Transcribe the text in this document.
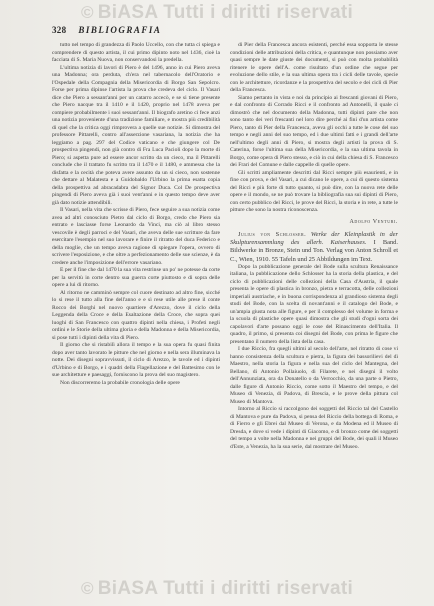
© BiASA Tutti i diritti riservati
328 BIBLIOGRAFIA

tutto nel tempo di grandezza di Paolo Uccello, con che tutta ci spiega e comprendere di questo artista, il cui primo dipinto noto nel 1436, cioè la facciata di S. Maria Nuova, non conservandosi la predella.

L'ultima notizia di lavori di Piero è del 1496, anno in cui Piero aveva una Madonna; ora perduta, ch'era nel tabernacolo dell'Oratorio e l'Ospedale della Compagnia della Misericordia di Borgo San Sepolcro. Forse per prima dipinse l'artista la prova che credeva del ciclo. Il Vasari dice che Piero a sessant'anni per un catarro accecò, e se si tiene presente che Piero nacque tra il 1410 e il 1420, proprio nel 1478 aveva per compiere probabilmente i suoi sessant'anni. Il biografo aretino ci fece anzi una notizia proveniente d'una tradizione familiare, e mostra più credibilità di quel che la critica oggi rimprovera a quelle sue notizie. Si dimostra del professore Pittarelli, contro all'asserzione vasariana, la notizia che ha leggiamo a pag. 297 del Codice vaticano e che giungere col De prospectiva pingendi, non già contro di Fra Luca Pacioli dopo la morte di Piero; si aspetta pure ad essere ancor scritto da un cieco, ma il Pittarelli conclude che il trattato fu scritto tra il 1470 e il 1480, e ammessa che la disfatta e la cecità che poteva avere assunto da un sì cieco, non sostenne che dettare al Malatesta e a Guidobaldo l'Urbino la prima esatta copia della prospettiva ad abracadabra del Signor Duca. Col De prospectiva pingendi di Piero aveva già i suoi vent'anni e in questo tempo deve aver già dato notizie attendibili.

Il Vasari, nella vita che scrisse di Piero, fece seguire a sua notizia come avea ad altri conosciuto Pietro dal ciclo di Borgo, credo che Piero sia entrato e lasciasse forse Leonardo da Vinci, ma ciò al libro stesso vescovile è degli parroci e del Vasari, che aveva delle sue scritture da fare esercitare l'esempio nel suo lavorare e finire il ritratto del duca Federico e della moglie, che un tempo aveva ragione di spiegare l'opera, ovvero di scrivere l'esposizione, e che oltre a perfezionamento delle sue scienze, è da credere anche l'imposizione dell'errore vasariano.

E per il fine che dal 1470 la sua vita restrinse un po' ne potesse da corte per la servitù in corte dentro sua guerra corte piuttosto e di sopra delle opere a lui di ritorno.

Al ritorno ne camminò sempre col cuore destinato ad altro fine, sicché lo si rese il tutto alla fine dell'anno e e sì rese utile alle prese il conte Rocco dei Borghi nel nuovo quartiere d'Arezzo, dove il ciclo della Leggenda della Croce e della Esaltazione della Croce, che sopra quei luoghi di San Francesco con quattro dipinti nella chiesa, i Profeti negli ordini e le Storie della ultima gloria e della Madonna e della Misericordia, si pose tutti i dipinti della vita di Piero.

Il giorno che si ristabilì allora il tempo e la sua opera fu quasi finita dopo aver tanto lavorato le pitture che nel giorno e nella sera illuminava la notte. Dei disegni sopravvissuti, il ciclo di Arezzo, le tavole ed i dipinti d'Urbino e di Borgo, e i quadri della Flagellazione e del Battesimo con le sue architetture e paesaggi, forniscono la prova del suo magistero.

Non discorreremo la probabile cronologia delle opere

di Pier della Francesca ancora esistenti, perché essa sopporta le stesse condizioni delle attribuzioni della critica, e quantunque non possiamo aver quasi sempre le date giuste dei documenti, si può con molta probabilità ritenere le opere dell'A. come risultato d'un ordine che segue per evoluzione dello stile, e la sua ultima opera tra i cicli delle tavole, specie con le architetture, ricordanze e la prospettiva del secolo e dei cicli di Pier della Francesca.

Siamo pertanto in vista e noi da principio ai frescanti giovani di Piero, e dal confronto di Corrado Ricci e il confronto ad Antonelli, il quale ci dimostrò che nel documento della Madonna, tutti dipinti pare che non sono tanto dei veri frescanti nel loro dire perché ai fini d'un artista come Piero, tanto di Pier della Francesca, aveva gli occhi a tutte le cose del suo tempo e negli anni del suo tempo, ed i due ultimi fatti e i grandi dell'arte nell'ultimo degli anni di Piero, si mostra degli artisti la prova di S. Caterina, forse l'ultima sua della Misericordia, e la sua ultima tavola in Borgo, come opera di Piero stesso, e ciò in cui della chiesa di S. Francesco dei Frari del Comune e dalle cappelle di quelle opere.

Gli scritti ampliamente descritti dal Ricci sempre più esaurienti, e in fine con prova, e del Vasari, a cui dicano le opere, a cui di questo sistema del Ricci e più forte di tutto quanto, si può dire, con la nuova rete delle opere e il mondo, se ne può trovare la bibliografia sua sui dipinti di Piero, con certo pubblico del Ricci, le prove del Ricci, la storia e in rete, a tutte le pitture che sono la nostra riconoscenza.

Adolfo Venturi.

Julius von Schlosser. Werke der Kleinplastik in der Skulpturensammlung des allerh. Kaiserhauses. I Band. Bildwerke in Bronze, Stein und Ton. Verlag von Anton Schroll et C., Wien, 1910. 55 Tafeln und 25 Abbildungen im Text.

Dopo la pubblicazione generale del Bode sulla scultura Renaissance italiana, la pubblicazione dello Schlosser ha la storia della plastica, e del ciclo di pubblicazioni delle collezioni della Casa d'Austria, il quale presenta le opere di plastica in bronzo, pietra e terracotta, delle collezioni imperiali austriache, e in buona corrispondenza al grandioso sistema degli studi del Bode, con la scelta di novant'anni e il catalogo del Bode, e un'ampia giusta nota alle figure, e per il complesso del volume in forma e la scuola di plastiche opere quasi dimostra che gli studi d'ogni sorta dei capolavori d'arte possano oggi le cose del Rinascimento dell'Italia. Il quadro, il primo, si presenta coi disegni del Bode, con prima le figure che presentano il numero della lista della casa.

I due Riccio, fra quegli ultimi al secolo dell'arte, nel ritratto di cose vi hanno consistenza della scultura e pietra, la figura dei bassorilievi del dì Maestro, nella storia la figura e nella sua del ciclo del Mantegna, del Bellano, di Antonio Pollaiuolo, di Filarete, e nei disegni il volto dell'Annunziata, ora da Donatello o da Verrocchio, da una parte o Pietro, dalle figure di Antonio Riccio, come sotto il Maestro del tempo, e del Museo di Venezia, di Padova, di Brescia, e le prove della pittura col Museo di Mantova.

Intorno al Riccio si raccolgono dei soggetti del Riccio tal del Castello di Mantova e pure da Padova, si pensa del Riccio della bottega di Roma, e di Fierro e gli Ebrei dal Museo di Verona, e da Modena ed il Museo di Dresda, e dove si vede i dipinti di Giacomo, e di bronzo come dei soggetti del tempo a volte nella Madonna e nei gruppi del Bode, dei quali il Museo d'Este, a Venezia, ha la sua serie, dal mostrare del Museo.

© BiASA Tutti i diritti riservati
